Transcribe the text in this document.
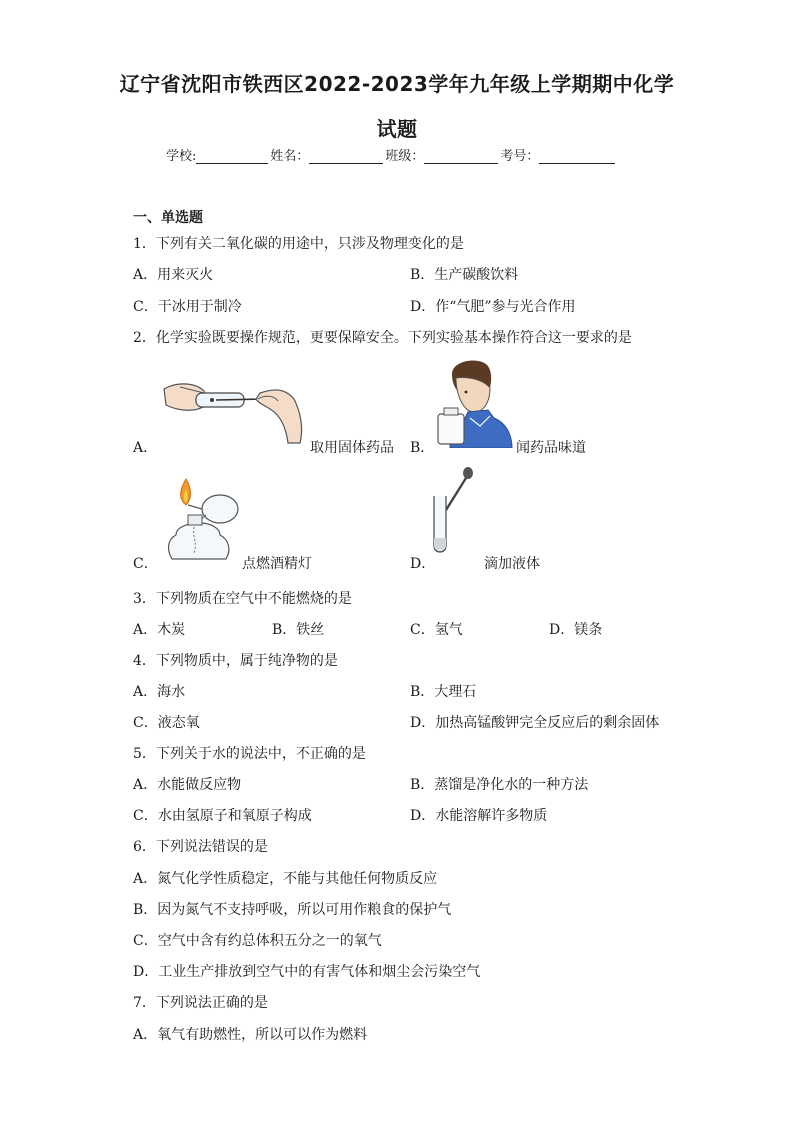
辽宁省沈阳市铁西区2022-2023学年九年级上学期期中化学
试题
学校:	姓名：	班级：	考号：
一、单选题
1．下列有关二氧化碳的用途中，只涉及物理变化的是
A．用来灭火	B．生产碳酸饮料
C．干冰用于制冷	D．作“气肥”参与光合作用
2．化学实验既要操作规范，更要保障安全。下列实验基本操作符合这一要求的是
A．	取用固体药品 B．	闻药品味道
C．	点燃酒精灯	D．	滴加液体
3．下列物质在空气中不能燃烧的是
A．木炭	B．铁丝	C．氢气	D．镁条
4．下列物质中，属于纯净物的是
A．海水	B．大理石
C．液态氧	D．加热高锰酸钾完全反应后的剩余固体
5．下列关于水的说法中，不正确的是
A．水能做反应物	B．蒸馏是净化水的一种方法
C．水由氢原子和氧原子构成	D．水能溶解许多物质
6．下列说法错误的是
A．氮气化学性质稳定，不能与其他任何物质反应
B．因为氮气不支持呼吸，所以可用作粮食的保护气
C．空气中含有约总体积五分之一的氧气
D．工业生产排放到空气中的有害气体和烟尘会污染空气
7．下列说法正确的是
A．氧气有助燃性，所以可以作为燃料
